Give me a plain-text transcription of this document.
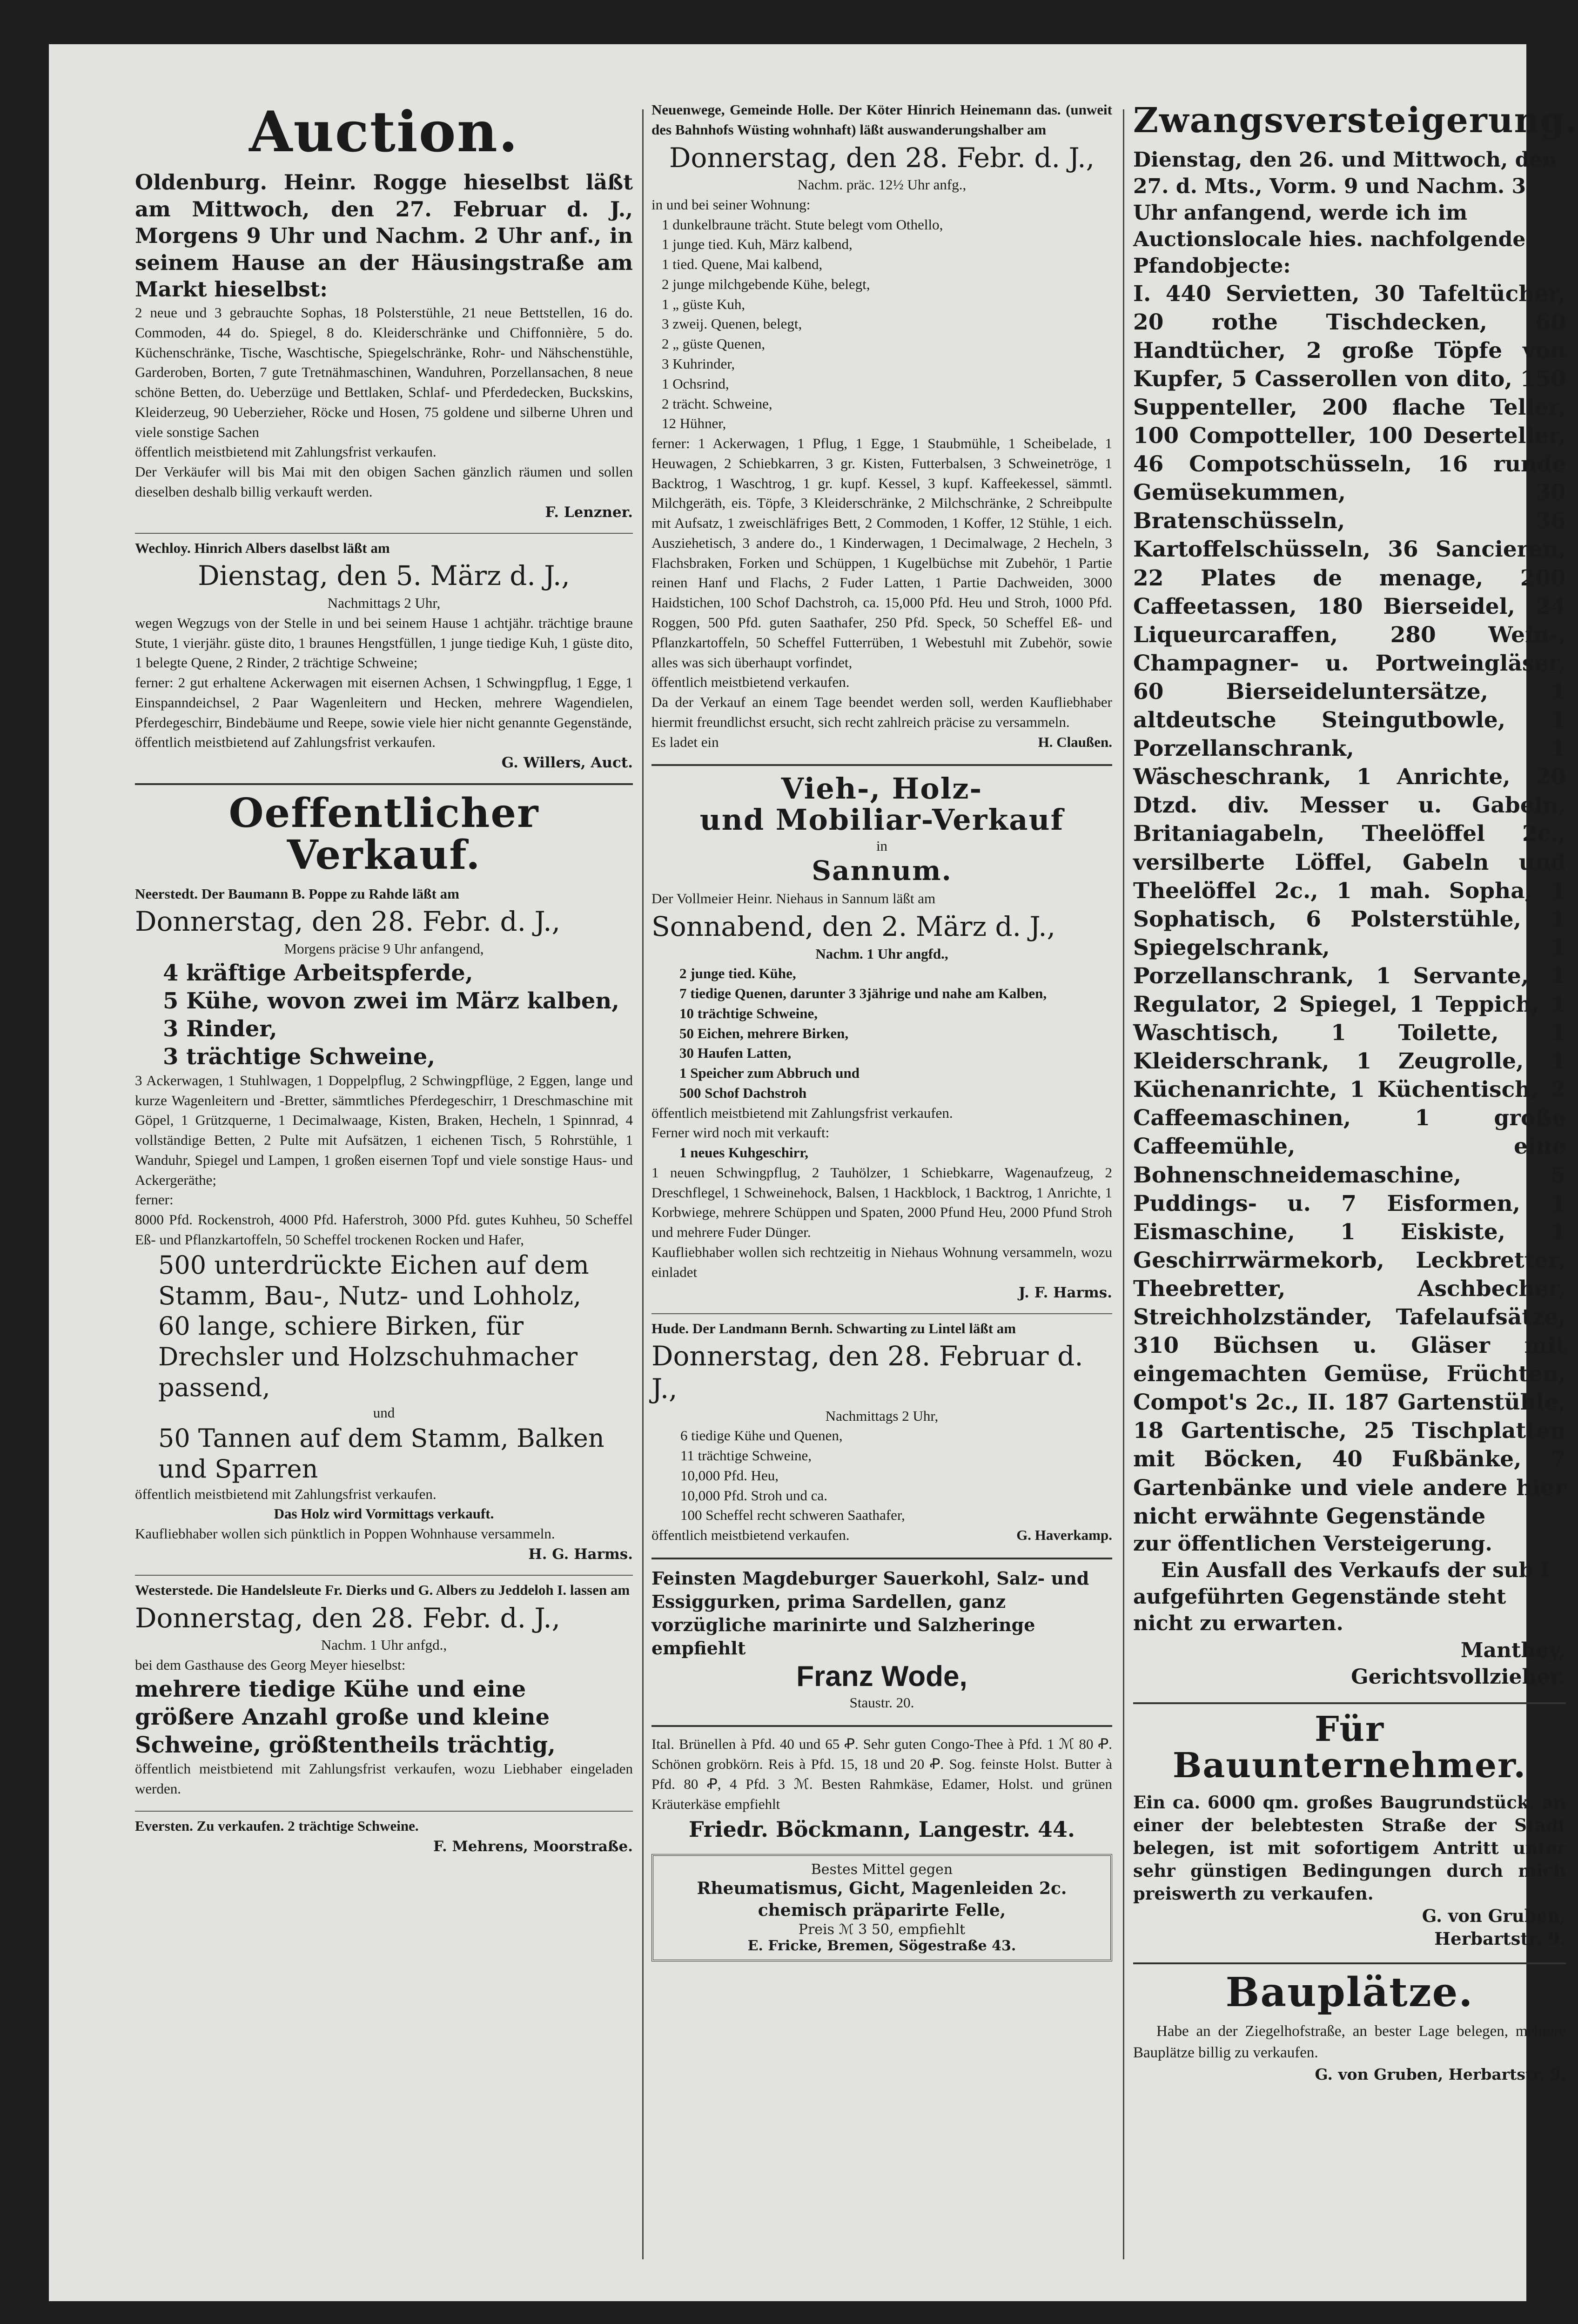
Auction.
Oldenburg. Heinr. Rogge hieselbst läßt am Mittwoch, den 27. Februar d. J., Morgens 9 Uhr und Nachm. 2 Uhr anf., in seinem Hause an der Häusingstraße am Markt hieselbst:
2 neue und 3 gebrauchte Sophas, 18 Polsterstühle, 21 neue Bettstellen, 16 do. Commoden, 44 do. Spiegel, 8 do. Kleiderschränke und Chiffonnière, 5 do. Küchenschränke, Tische, Waschtische, Spiegelschränke, Rohr- und Nähschenstühle, Garderoben, Borten, 7 gute Tretnähmaschinen, Wanduhren, Porzellansachen, 8 neue schöne Betten, do. Ueberzüge und Bettlaken, Schlaf- und Pferdedecken, Buckskins, Kleiderzeug, 90 Ueberzieher, Röcke und Hosen, 75 goldene und silberne Uhren und viele sonstige Sachen
öffentlich meistbietend mit Zahlungsfrist verkaufen.
Der Verkäufer will bis Mai mit den obigen Sachen gänzlich räumen und sollen dieselben deshalb billig verkauft werden.
F. Lenzner.
Wechloy. Hinrich Albers daselbst läßt am
Dienstag, den 5. März d. J.,
Nachmittags 2 Uhr,
wegen Wegzugs von der Stelle in und bei seinem Hause 1 achtjähr. trächtige braune Stute, 1 vierjähr. güste dito, 1 braunes Hengstfüllen, 1 junge tiedige Kuh, 1 güste dito, 1 belegte Quene, 2 Rinder, 2 trächtige Schweine;
ferner: 2 gut erhaltene Ackerwagen mit eisernen Achsen, 1 Schwingpflug, 1 Egge, 1 Einspanndeichsel, 2 Paar Wagenleitern und Hecken, mehrere Wagendielen, Pferdegeschirr, Bindebäume und Reepe, sowie viele hier nicht genannte Gegenstände,
öffentlich meistbietend auf Zahlungsfrist verkaufen.
G. Willers, Auct.
Oeffentlicher Verkauf.
Neerstedt. Der Baumann B. Poppe zu Rahde läßt am
Donnerstag, den 28. Febr. d. J.,
Morgens präcise 9 Uhr anfangend,
4 kräftige Arbeitspferde,
5 Kühe, wovon zwei im März kalben,
3 Rinder,
3 trächtige Schweine,
3 Ackerwagen, 1 Stuhlwagen, 1 Doppelpflug, 2 Schwingpflüge, 2 Eggen, lange und kurze Wagenleitern und -Bretter, sämmtliches Pferdegeschirr, 1 Dreschmaschine mit Göpel, 1 Grützquerne, 1 Decimalwaage, Kisten, Braken, Hecheln, 1 Spinnrad, 4 vollständige Betten, 2 Pulte mit Aufsätzen, 1 eichenen Tisch, 5 Rohrstühle, 1 Wanduhr, Spiegel und Lampen, 1 großen eisernen Topf und viele sonstige Haus- und Ackergeräthe;
ferner:
8000 Pfd. Rockenstroh, 4000 Pfd. Haferstroh, 3000 Pfd. gutes Kuhheu, 50 Scheffel Eß- und Pflanzkartoffeln, 50 Scheffel trockenen Rocken und Hafer,
500 unterdrückte Eichen auf dem Stamm, Bau-, Nutz- und Lohholz,
60 lange, schiere Birken, für Drechsler und Holzschuhmacher passend,
und
50 Tannen auf dem Stamm, Balken und Sparren
öffentlich meistbietend mit Zahlungsfrist verkaufen.
Das Holz wird Vormittags verkauft.
Kaufliebhaber wollen sich pünktlich in Poppen Wohnhause versammeln.
H. G. Harms.
Westerstede. Die Handelsleute Fr. Dierks und G. Albers zu Jeddeloh I. lassen am
Donnerstag, den 28. Febr. d. J.,
Nachm. 1 Uhr anfgd.,
bei dem Gasthause des Georg Meyer hieselbst:
mehrere tiedige Kühe und eine größere Anzahl große und kleine Schweine, größtentheils trächtig,
öffentlich meistbietend mit Zahlungsfrist verkaufen, wozu Liebhaber eingeladen werden.
Eversten. Zu verkaufen. 2 trächtige Schweine.
F. Mehrens, Moorstraße.
Neuenwege, Gemeinde Holle. Der Köter Hinrich Heinemann das. (unweit des Bahnhofs Wüsting wohnhaft) läßt auswanderungshalber am
Donnerstag, den 28. Febr. d. J.,
Nachm. präc. 12½ Uhr anfg.,
in und bei seiner Wohnung:
1 dunkelbraune trächt. Stute belegt vom Othello,
1 junge tied. Kuh, März kalbend,
1 tied. Quene, Mai kalbend,
2 junge milchgebende Kühe, belegt,
1 „ güste Kuh,
3 zweij. Quenen, belegt,
2 „ güste Quenen,
3 Kuhrinder,
1 Ochsrind,
2 trächt. Schweine,
12 Hühner,
ferner: 1 Ackerwagen, 1 Pflug, 1 Egge, 1 Staubmühle, 1 Scheibelade, 1 Heuwagen, 2 Schiebkarren, 3 gr. Kisten, Futterbalsen, 3 Schweinetröge, 1 Backtrog, 1 Waschtrog, 1 gr. kupf. Kessel, 3 kupf. Kaffeekessel, sämmtl. Milchgeräth, eis. Töpfe, 3 Kleiderschränke, 2 Milchschränke, 2 Schreibpulte mit Aufsatz, 1 zweischläfriges Bett, 2 Commoden, 1 Koffer, 12 Stühle, 1 eich. Ausziehetisch, 3 andere do., 1 Kinderwagen, 1 Decimalwage, 2 Hecheln, 3 Flachsbraken, Forken und Schüppen, 1 Kugelbüchse mit Zubehör, 1 Partie reinen Hanf und Flachs, 2 Fuder Latten, 1 Partie Dachweiden, 3000 Haidstichen, 100 Schof Dachstroh, ca. 15,000 Pfd. Heu und Stroh, 1000 Pfd. Roggen, 500 Pfd. guten Saathafer, 250 Pfd. Speck, 50 Scheffel Eß- und Pflanzkartoffeln, 50 Scheffel Futterrüben, 1 Webestuhl mit Zubehör, sowie alles was sich überhaupt vorfindet,
öffentlich meistbietend verkaufen.
Da der Verkauf an einem Tage beendet werden soll, werden Kaufliebhaber hiermit freundlichst ersucht, sich recht zahlreich präcise zu versammeln.
Es ladet ein	H. Claußen.
Vieh-, Holz-
und Mobiliar-Verkauf
in
Sannum.
Der Vollmeier Heinr. Niehaus in Sannum läßt am
Sonnabend, den 2. März d. J.,
Nachm. 1 Uhr angfd.,
2 junge tied. Kühe,
7 tiedige Quenen, darunter 3 3jährige und nahe am Kalben,
10 trächtige Schweine,
50 Eichen, mehrere Birken,
30 Haufen Latten,
1 Speicher zum Abbruch und
500 Schof Dachstroh
öffentlich meistbietend mit Zahlungsfrist verkaufen.
Ferner wird noch mit verkauft:
1 neues Kuhgeschirr,
1 neuen Schwingpflug, 2 Tauhölzer, 1 Schiebkarre, Wagenaufzeug, 2 Dreschflegel, 1 Schweinehock, Balsen, 1 Hackblock, 1 Backtrog, 1 Anrichte, 1 Korbwiege, mehrere Schüppen und Spaten, 2000 Pfund Heu, 2000 Pfund Stroh und mehrere Fuder Dünger.
Kaufliebhaber wollen sich rechtzeitig in Niehaus Wohnung versammeln, wozu einladet
J. F. Harms.
Hude. Der Landmann Bernh. Schwarting zu Lintel läßt am
Donnerstag, den 28. Februar d. J.,
Nachmittags 2 Uhr,
6 tiedige Kühe und Quenen,
11 trächtige Schweine,
10,000 Pfd. Heu,
10,000 Pfd. Stroh und ca.
100 Scheffel recht schweren Saathafer,
öffentlich meistbietend verkaufen.	G. Haverkamp.
Feinsten Magdeburger Sauerkohl, Salz- und Essiggurken, prima Sardellen, ganz vorzügliche marinirte und Salzheringe empfiehlt
Franz Wode,
Staustr. 20.
Ital. Brünellen à Pfd. 40 und 65 Ꝓ. Sehr guten Congo-Thee à Pfd. 1 ℳ 80 Ꝓ. Schönen grobkörn. Reis à Pfd. 15, 18 und 20 Ꝓ. Sog. feinste Holst. Butter à Pfd. 80 Ꝓ, 4 Pfd. 3 ℳ. Besten Rahmkäse, Edamer, Holst. und grünen Kräuterkäse empfiehlt
Friedr. Böckmann, Langestr. 44.
Bestes Mittel gegen
Rheumatismus, Gicht, Magenleiden 2c.
chemisch präparirte Felle,
Preis ℳ 3 50, empfiehlt
E. Fricke, Bremen, Sögestraße 43.
Zwangsversteigerung.
Dienstag, den 26. und Mittwoch, den 27. d. Mts., Vorm. 9 und Nachm. 3 Uhr anfangend, werde ich im Auctionslocale hies. nachfolgende Pfandobjecte:
I. 440 Servietten, 30 Tafeltücher, 20 rothe Tischdecken, 60 Handtücher, 2 große Töpfe von Kupfer, 5 Casserollen von dito, 150 Suppenteller, 200 flache Teller, 100 Compotteller, 100 Deserteller, 46 Compotschüsseln, 16 runde Gemüsekummen, 30 Bratenschüsseln, 36 Kartoffelschüsseln, 36 Sancieren, 22 Plates de menage, 200 Caffeetassen, 180 Bierseidel, 24 Liqueurcaraffen, 280 Wein-, Champagner- u. Portweingläser, 60 Bierseideluntersätze, 1 altdeutsche Steingutbowle, 1 Porzellanschrank, 1 Wäscheschrank, 1 Anrichte, 20 Dtzd. div. Messer u. Gabeln, Britaniagabeln, Theelöffel 2c., versilberte Löffel, Gabeln und Theelöffel 2c., 1 mah. Sopha, 1 Sophatisch, 6 Polsterstühle, 1 Spiegelschrank, 1 Porzellanschrank, 1 Servante, 1 Regulator, 2 Spiegel, 1 Teppich, 1 Waschtisch, 1 Toilette, 1 Kleiderschrank, 1 Zeugrolle, 1 Küchenanrichte, 1 Küchentisch, 2 Caffeemaschinen, 1 große Caffeemühle, eine Bohnenschneidemaschine, 5 Puddings- u. 7 Eisformen, 1 Eismaschine, 1 Eiskiste, 1 Geschirrwärmekorb, Leckbretter, Theebretter, Aschbecher, Streichholzständer, Tafelaufsätze, 310 Büchsen u. Gläser mit eingemachten Gemüse, Früchten, Compot's 2c., II. 187 Gartenstühle, 18 Gartentische, 25 Tischplatten mit Böcken, 40 Fußbänke, 7 Gartenbänke und viele andere hier nicht erwähnte Gegenstände
zur öffentlichen Versteigerung.
Ein Ausfall des Verkaufs der sub I aufgeführten Gegenstände steht nicht zu erwarten.
Manthey,
Gerichtsvollzieher.
Für Bauunternehmer.
Ein ca. 6000 qm. großes Baugrundstück, an einer der belebtesten Straße der Stadt belegen, ist mit sofortigem Antritt unter sehr günstigen Bedingungen durch mich preiswerth zu verkaufen.
G. von Gruben,
Herbartstr. 9.
Bauplätze.
Habe an der Ziegelhofstraße, an bester Lage belegen, mehrere Bauplätze billig zu verkaufen.
G. von Gruben, Herbartstr. 9.
